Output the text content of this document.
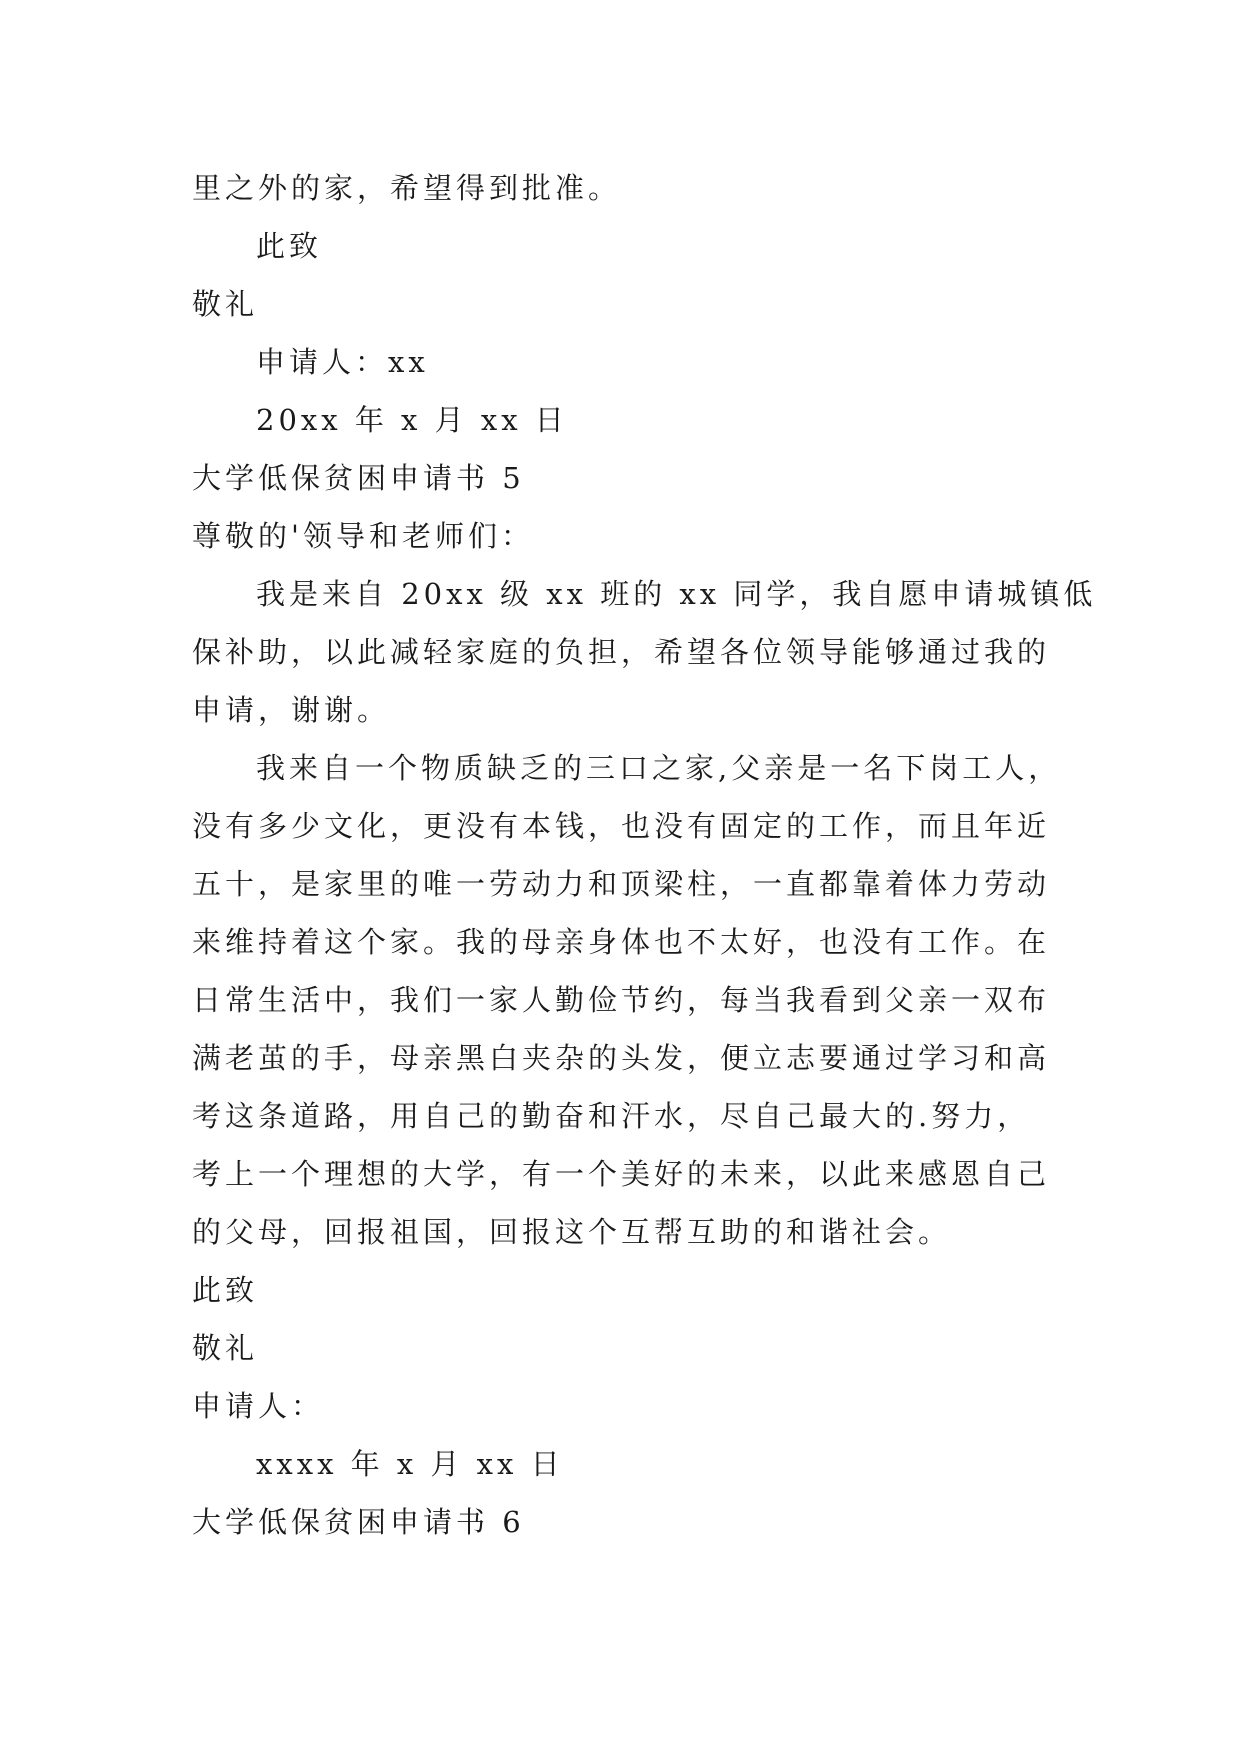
里之外的家，希望得到批准。
此致
敬礼
申请人：xx
20xx 年 x 月 xx 日
大学低保贫困申请书 5
尊敬的'领导和老师们：
我是来自 20xx 级 xx 班的 xx 同学，我自愿申请城镇低
保补助，以此减轻家庭的负担，希望各位领导能够通过我的
申请，谢谢。
我来自一个物质缺乏的三口之家,父亲是一名下岗工人，
没有多少文化，更没有本钱，也没有固定的工作，而且年近
五十，是家里的唯一劳动力和顶梁柱，一直都靠着体力劳动
来维持着这个家。我的母亲身体也不太好，也没有工作。在
日常生活中，我们一家人勤俭节约，每当我看到父亲一双布
满老茧的手，母亲黑白夹杂的头发，便立志要通过学习和高
考这条道路，用自己的勤奋和汗水，尽自己最大的.努力，
考上一个理想的大学，有一个美好的未来，以此来感恩自己
的父母，回报祖国，回报这个互帮互助的和谐社会。
此致
敬礼
申请人：
xxxx 年 x 月 xx 日
大学低保贫困申请书 6
